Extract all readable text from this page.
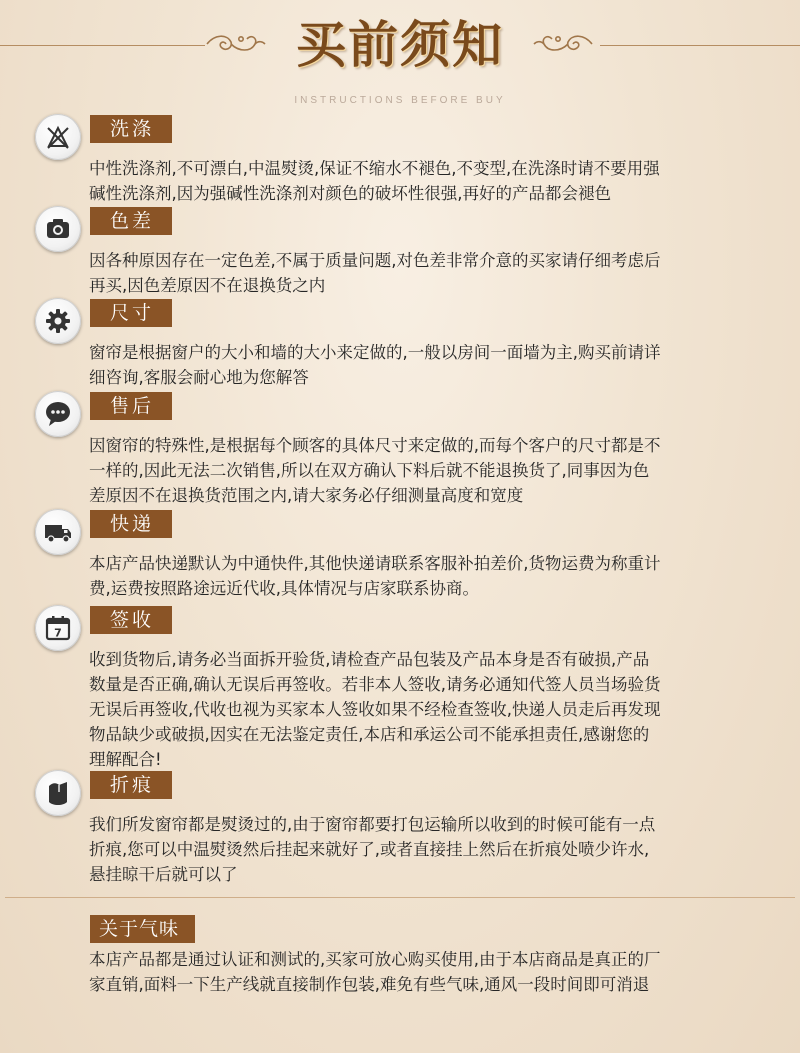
买前须知
INSTRUCTIONS BEFORE BUY
洗涤
中性洗涤剂,不可漂白,中温熨烫,保证不缩水不褪色,不变型,在洗涤时请不要用强
碱性洗涤剂,因为强碱性洗涤剂对颜色的破坏性很强,再好的产品都会褪色
色差
因各种原因存在一定色差,不属于质量问题,对色差非常介意的买家请仔细考虑后
再买,因色差原因不在退换货之内
尺寸
窗帘是根据窗户的大小和墙的大小来定做的,一般以房间一面墙为主,购买前请详
细咨询,客服会耐心地为您解答
售后
因窗帘的特殊性,是根据每个顾客的具体尺寸来定做的,而每个客户的尺寸都是不
一样的,因此无法二次销售,所以在双方确认下料后就不能退换货了,同事因为色
差原因不在退换货范围之内,请大家务必仔细测量高度和宽度
快递
本店产品快递默认为中通快件,其他快递请联系客服补拍差价,货物运费为称重计
费,运费按照路途远近代收,具体情况与店家联系协商。
7
签收
收到货物后,请务必当面拆开验货,请检查产品包装及产品本身是否有破损,产品
数量是否正确,确认无误后再签收。若非本人签收,请务必通知代签人员当场验货
无误后再签收,代收也视为买家本人签收如果不经检查签收,快递人员走后再发现
物品缺少或破损,因实在无法鉴定责任,本店和承运公司不能承担责任,感谢您的
理解配合!
折痕
我们所发窗帘都是熨烫过的,由于窗帘都要打包运输所以收到的时候可能有一点
折痕,您可以中温熨烫然后挂起来就好了,或者直接挂上然后在折痕处喷少许水,
悬挂晾干后就可以了
关于气味
本店产品都是通过认证和测试的,买家可放心购买使用,由于本店商品是真正的厂
家直销,面料一下生产线就直接制作包装,难免有些气味,通风一段时间即可消退
